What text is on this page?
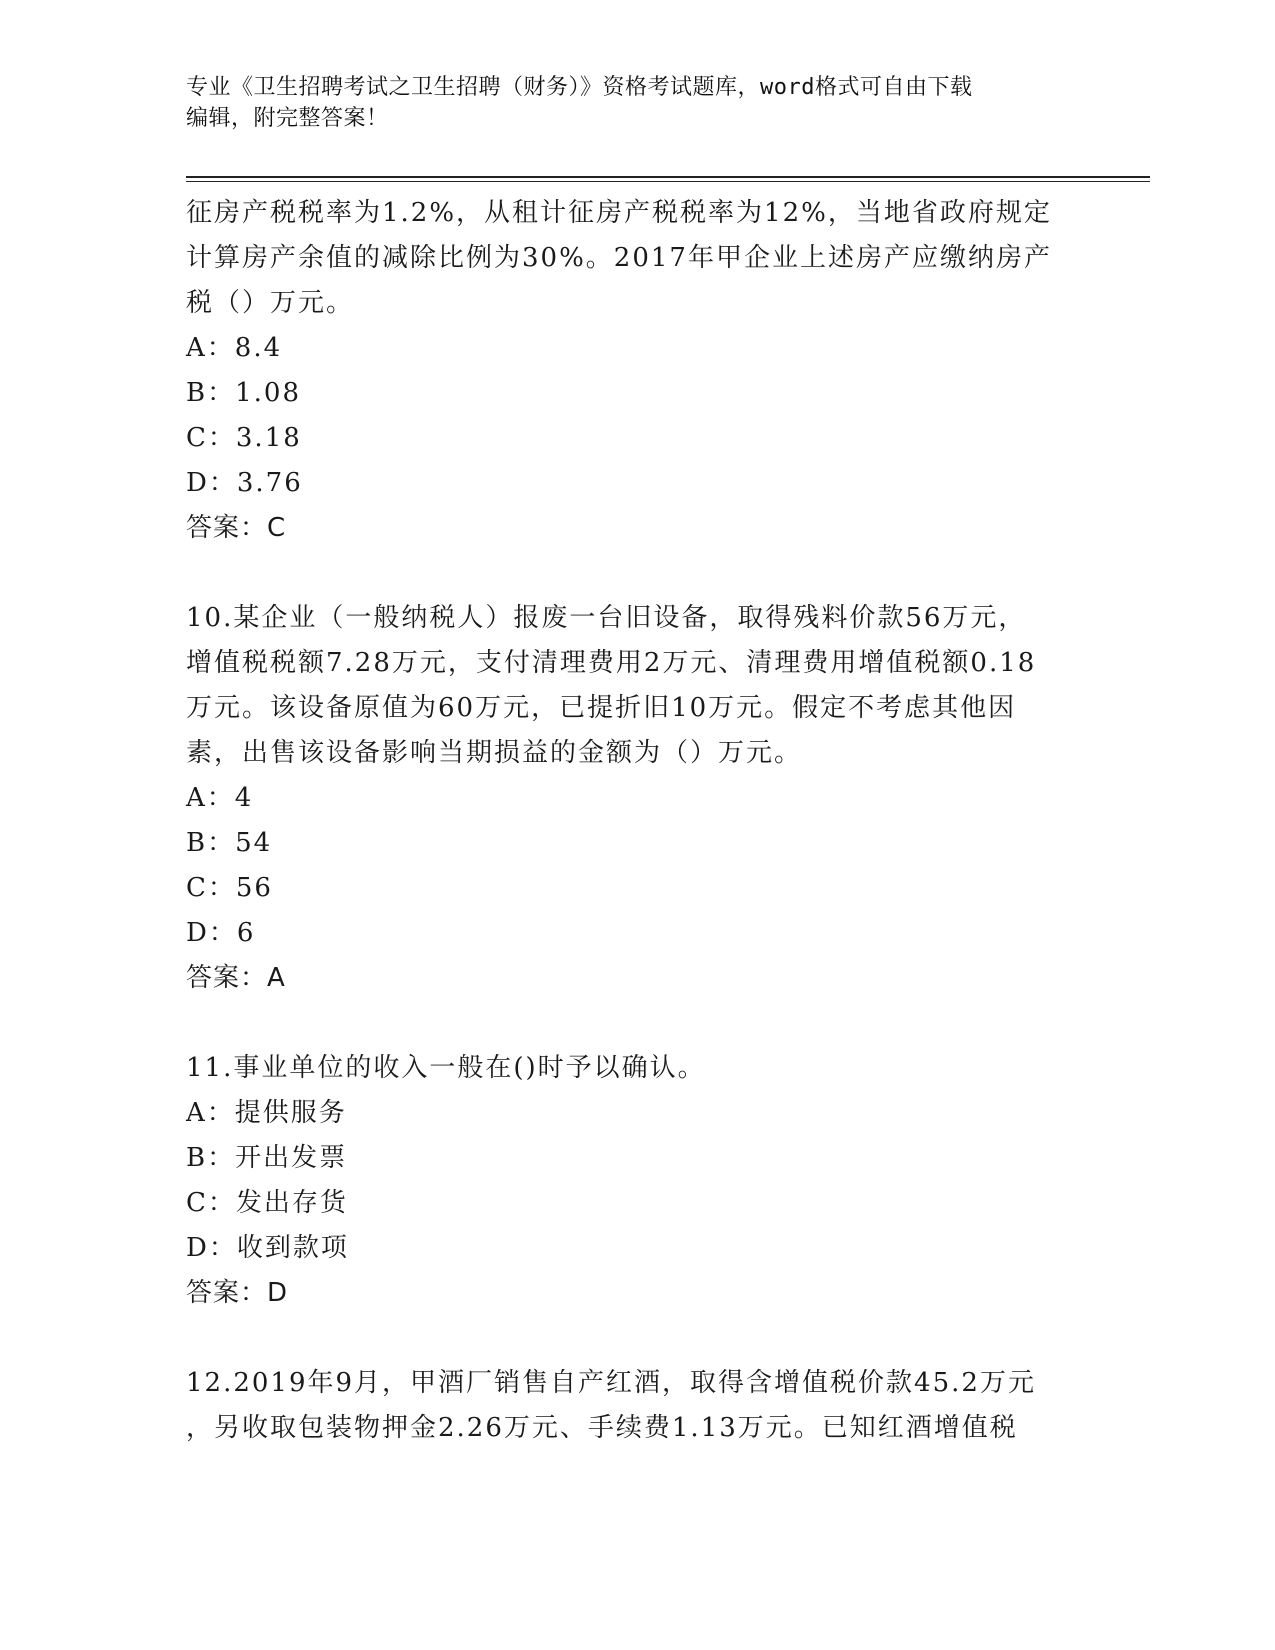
专业《卫生招聘考试之卫生招聘（财务）》资格考试题库，word格式可自由下载
编辑，附完整答案！
征房产税税率为1.2%，从租计征房产税税率为12%，当地省政府规定
计算房产余值的减除比例为30%。2017年甲企业上述房产应缴纳房产
税（）万元。
A：8.4
B：1.08
C：3.18
D：3.76
答案：C
10.某企业（一般纳税人）报废一台旧设备，取得残料价款56万元，
增值税税额7.28万元，支付清理费用2万元、清理费用增值税额0.18
万元。该设备原值为60万元，已提折旧10万元。假定不考虑其他因
素，出售该设备影响当期损益的金额为（）万元。
A：4
B：54
C：56
D：6
答案：A
11.事业单位的收入一般在()时予以确认。
A：提供服务
B：开出发票
C：发出存货
D：收到款项
答案：D
12.2019年9月，甲酒厂销售自产红酒，取得含增值税价款45.2万元
，另收取包装物押金2.26万元、手续费1.13万元。已知红酒增值税
